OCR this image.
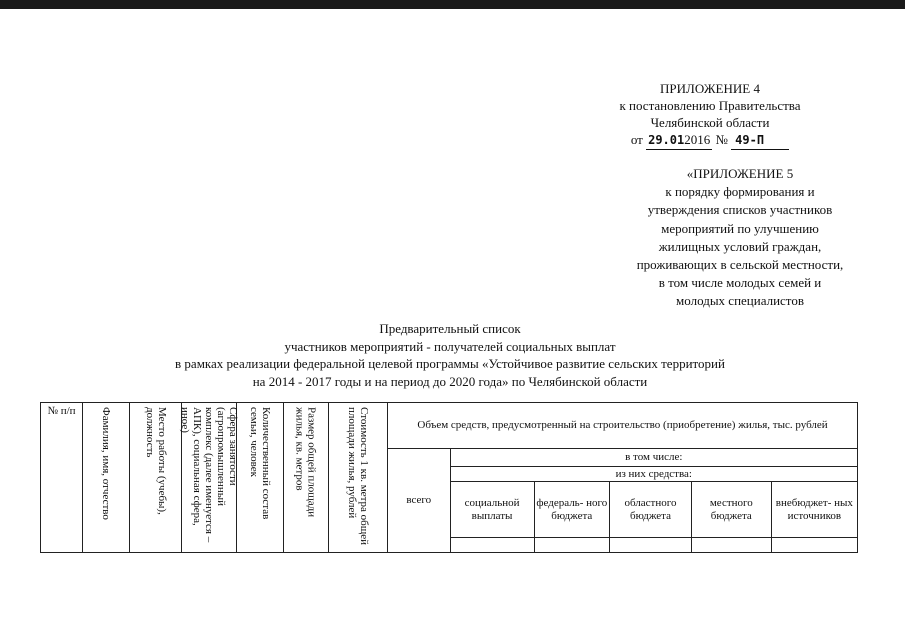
ПРИЛОЖЕНИЕ 4
к постановлению Правительства
Челябинской области
от 29.012016 № 49-П
«ПРИЛОЖЕНИЕ 5
к порядку формирования и
утверждения списков участников
мероприятий по улучшению
жилищных условий граждан,
проживающих в сельской местности,
в том числе молодых семей и
молодых специалистов
Предварительный список
участников мероприятий - получателей социальных выплат
в рамках реализации федеральной целевой программы «Устойчивое развитие сельских территорий
на 2014 - 2017 годы и на период до 2020 года» по Челябинской области
№ п/п	Фамилия, имя, отчество	Место работы (учебы), должность	Сфера занятости (агропромышленный комплекс (далее именуется – АПК), социальная сфера, иное)	Количественный состав семьи, человек	Размер общей площади жилья, кв. метров	Стоимость 1 кв. метра общей площади жилья, рублей	Объем средств, предусмотренный на строительство (приобретение) жилья, тыс. рублей					
							всего	в том числе:				
								из них средства:				
								социальной выплаты	федераль- ного бюджета	областного бюджета	местного бюджета	внебюджет- ных источников
